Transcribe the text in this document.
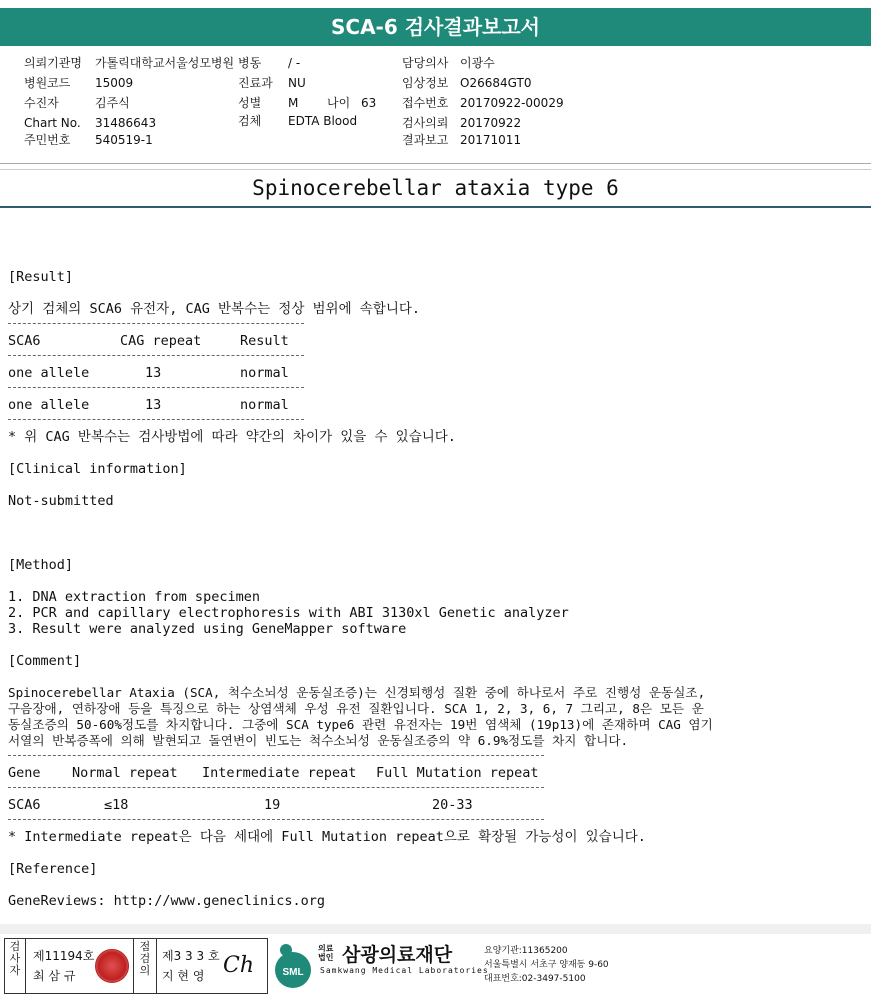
SCA-6 검사결과보고서
의뢰기관명 가톨릭대학교서울성모병원
병원코드 15009
수진자	김주식
Chart No. 31486643
주민번호 540519-1
병동 / -
진료과 NU
성별 M 나이 63
검체 EDTA Blood
담당의사 이광수
임상정보 O26684GT0
접수번호 20170922-00029
검사의뢰 20170922
결과보고 20171011
Spinocerebellar ataxia type 6
[Result]
상기 검체의 SCA6 유전자, CAG 반복수는 정상 범위에 속합니다.
SCA6	CAG repeat	Result
one allele	13	normal
one allele	13	normal
* 위 CAG 반복수는 검사방법에 따라 약간의 차이가 있을 수 있습니다.
[Clinical information]
Not-submitted
[Method]
1. DNA extraction from specimen
2. PCR and capillary electrophoresis with ABI 3130xl Genetic analyzer
3. Result were analyzed using GeneMapper software
[Comment]
Spinocerebellar Ataxia (SCA, 척수소뇌성 운동실조증)는 신경퇴행성 질환 중에 하나로서 주로 진행성 운동실조,
구음장애, 연하장애 등을 특징으로 하는 상염색체 우성 유전 질환입니다. SCA 1, 2, 3, 6, 7 그리고, 8은 모든 운
동실조증의 50-60%정도를 차지합니다. 그중에 SCA type6 관련 유전자는 19번 염색체 (19p13)에 존재하며 CAG 염기
서열의 반복증폭에 의해 발현되고 돌연변이 빈도는 척수소뇌성 운동실조증의 약 6.9%정도를 차지 합니다.
Gene Normal repeat Intermediate repeat Full Mutation repeat
SCA6	≤18	19	20-33
* Intermediate repeat은 다음 세대에 Full Mutation repeat으로 확장될 가능성이 있습니다.
[Reference]
GeneReviews: http://www.geneclinics.org
검사자
제11194호
최 삼 규
점검의
제3 3 3 호
지 현 영 Ch	SML
의료
법인 삼광의료재단
Samkwang Medical Laboratories
요양기관:11365200
서울특별시 서초구 양재동 9-60
대표번호:02-3497-5100
